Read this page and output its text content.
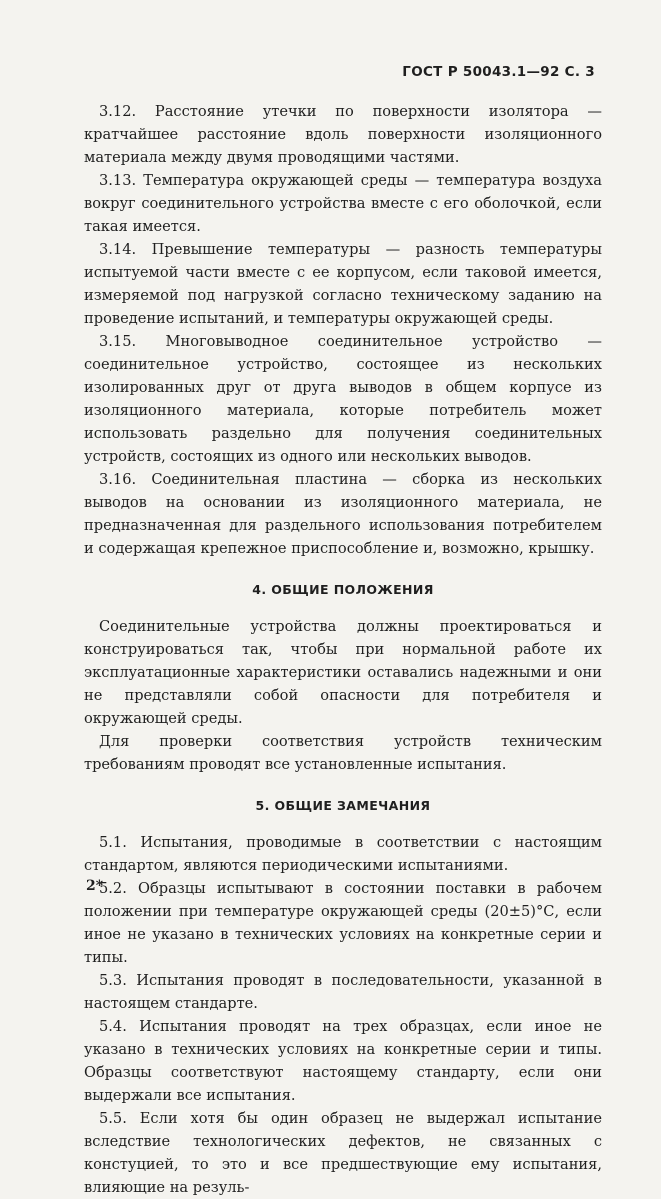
ГОСТ Р 50043.1—92 С. 3

3.12. Расстояние утечки по поверхности изолятора — кратчайшее расстояние вдоль поверхности изоляционного материала между двумя проводящими частями.

3.13. Температура окружающей среды — температура воздуха вокруг соединительного устройства вместе с его оболочкой, если такая имеется.

3.14. Превышение температуры — разность температуры испытуемой части вместе с ее корпусом, если таковой имеется, измеряемой под нагрузкой согласно техническому заданию на проведение испытаний, и температуры окружающей среды.

3.15. Многовыводное соединительное устройство — соединительное устройство, состоящее из нескольких изолированных друг от друга выводов в общем корпусе из изоляционного материала, которые потребитель может использовать раздельно для получения соединительных устройств, состоящих из одного или нескольких выводов.

3.16. Соединительная пластина — сборка из нескольких выводов на основании из изоляционного материала, не предназначенная для раздельного использования потребителем и содержащая крепежное приспособление и, возможно, крышку.

4. ОБЩИЕ ПОЛОЖЕНИЯ

Соединительные устройства должны проектироваться и конструироваться так, чтобы при нормальной работе их эксплуатационные характеристики оставались надежными и они не представляли собой опасности для потребителя и окружающей среды.

Для проверки соответствия устройств техническим требованиям проводят все установленные испытания.

5. ОБЩИЕ ЗАМЕЧАНИЯ

5.1. Испытания, проводимые в соответствии с настоящим стандартом, являются периодическими испытаниями.

5.2. Образцы испытывают в состоянии поставки в рабочем положении при температуре окружающей среды (20±5)°С, если иное не указано в технических условиях на конкретные серии и типы.

5.3. Испытания проводят в последовательности, указанной в настоящем стандарте.

5.4. Испытания проводят на трех образцах, если иное не указано в технических условиях на конкретные серии и типы. Образцы соответствуют настоящему стандарту, если они выдержали все испытания.

5.5. Если хотя бы один образец не выдержал испытание вследствие технологических дефектов, не связанных с констуцией, то это и все предшествующие ему испытания, влияющие на резуль-

2*
